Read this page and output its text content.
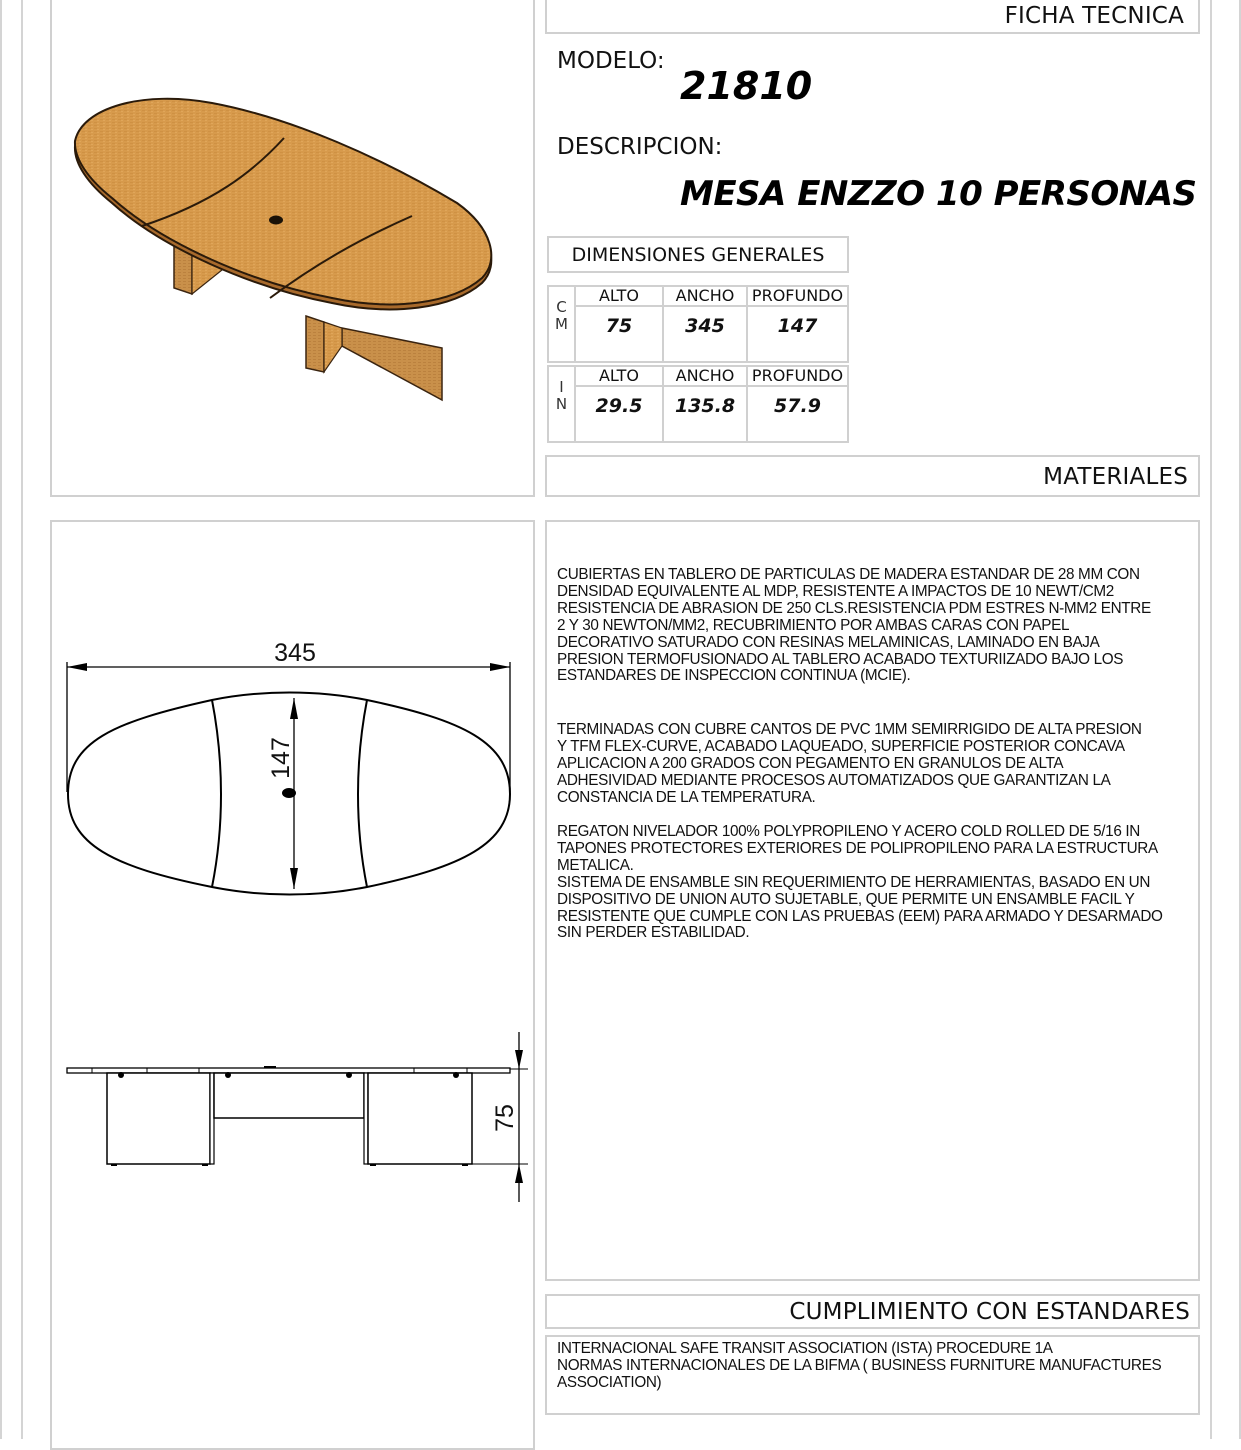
FICHA TECNICA
MODELO:
21810
DESCRIPCION:
MESA ENZZO 10 PERSONAS
DIMENSIONES GENERALES
C
M	ALTO	ANCHO	PROFUNDO
	75	345	147
I
N	ALTO	ANCHO	PROFUNDO
	29.5	135.8	57.9
MATERIALES
345
147
75
CUBIERTAS EN TABLERO DE PARTICULAS DE MADERA ESTANDAR DE 28 MM CON
DENSIDAD EQUIVALENTE AL MDP, RESISTENTE A IMPACTOS DE 10 NEWT/CM2
RESISTENCIA DE ABRASION DE 250 CLS.RESISTENCIA PDM ESTRES N-MM2 ENTRE
2 Y 30 NEWTON/MM2, RECUBRIMIENTO POR AMBAS CARAS CON PAPEL
DECORATIVO SATURADO CON RESINAS MELAMINICAS, LAMINADO EN BAJA
PRESION TERMOFUSIONADO AL TABLERO ACABADO TEXTURIIZADO BAJO LOS
ESTANDARES DE INSPECCION CONTINUA (MCIE).
TERMINADAS CON CUBRE CANTOS DE PVC 1MM SEMIRRIGIDO DE ALTA PRESION
Y TFM FLEX-CURVE, ACABADO LAQUEADO, SUPERFICIE POSTERIOR CONCAVA
APLICACION A 200 GRADOS CON PEGAMENTO EN GRANULOS DE ALTA
ADHESIVIDAD MEDIANTE PROCESOS AUTOMATIZADOS QUE GARANTIZAN LA
CONSTANCIA DE LA TEMPERATURA.
REGATON NIVELADOR 100% POLYPROPILENO Y ACERO COLD ROLLED DE 5/16 IN
TAPONES PROTECTORES EXTERIORES DE POLIPROPILENO PARA LA ESTRUCTURA
METALICA.
SISTEMA DE ENSAMBLE SIN REQUERIMIENTO DE HERRAMIENTAS, BASADO EN UN
DISPOSITIVO DE UNION AUTO SUJETABLE, QUE PERMITE UN ENSAMBLE FACIL Y
RESISTENTE QUE CUMPLE CON LAS PRUEBAS (EEM) PARA ARMADO Y DESARMADO
SIN PERDER ESTABILIDAD.
CUMPLIMIENTO CON ESTANDARES
INTERNACIONAL SAFE TRANSIT ASSOCIATION (ISTA) PROCEDURE 1A
NORMAS INTERNACIONALES DE LA BIFMA ( BUSINESS FURNITURE MANUFACTURES
ASSOCIATION)
